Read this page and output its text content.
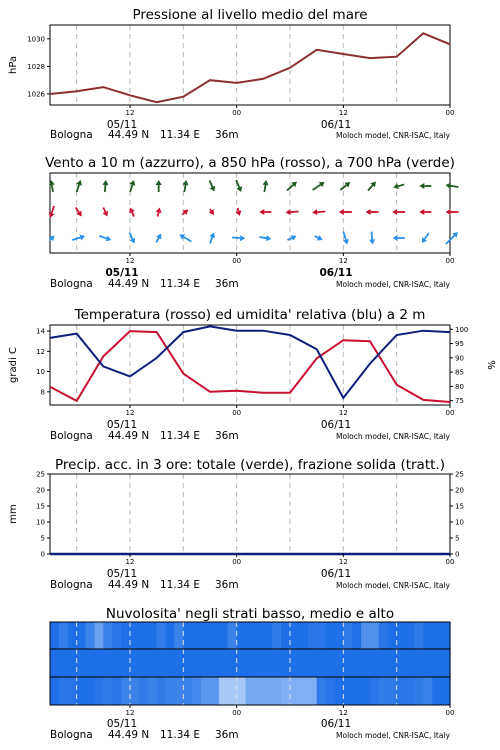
Pressione al livello medio del mare
1026
1028
1030
hPa
12	00	12	00
05/11	06/11
Bologna 44.49 N 11.34 E 36m	Moloch model, CNR-ISAC, Italy
Vento a 10 m (azzurro), a 850 hPa (rosso), a 700 hPa (verde)
12	00	12	00
05/11	06/11
Bologna 44.49 N 11.34 E 36m	Moloch model, CNR-ISAC, Italy
Temperatura (rosso) ed umidita' relativa (blu) a 2 m
8
10
12
14
75
80
85
90
95
100
gradi C	%
12	00	12	00
05/11	06/11
Bologna 44.49 N 11.34 E 36m	Moloch model, CNR-ISAC, Italy
Precip. acc. in 3 ore: totale (verde), frazione solida (tratt.)
0
5
10
15
20
25
0
5
10
15
20
25
mm
12	00	12	00
05/11	06/11
Bologna 44.49 N 11.34 E 36m	Moloch model, CNR-ISAC, Italy
Nuvolosita' negli strati basso, medio e alto
12	00	12	00
05/11	06/11
Bologna 44.49 N 11.34 E 36m	Moloch model, CNR-ISAC, Italy
